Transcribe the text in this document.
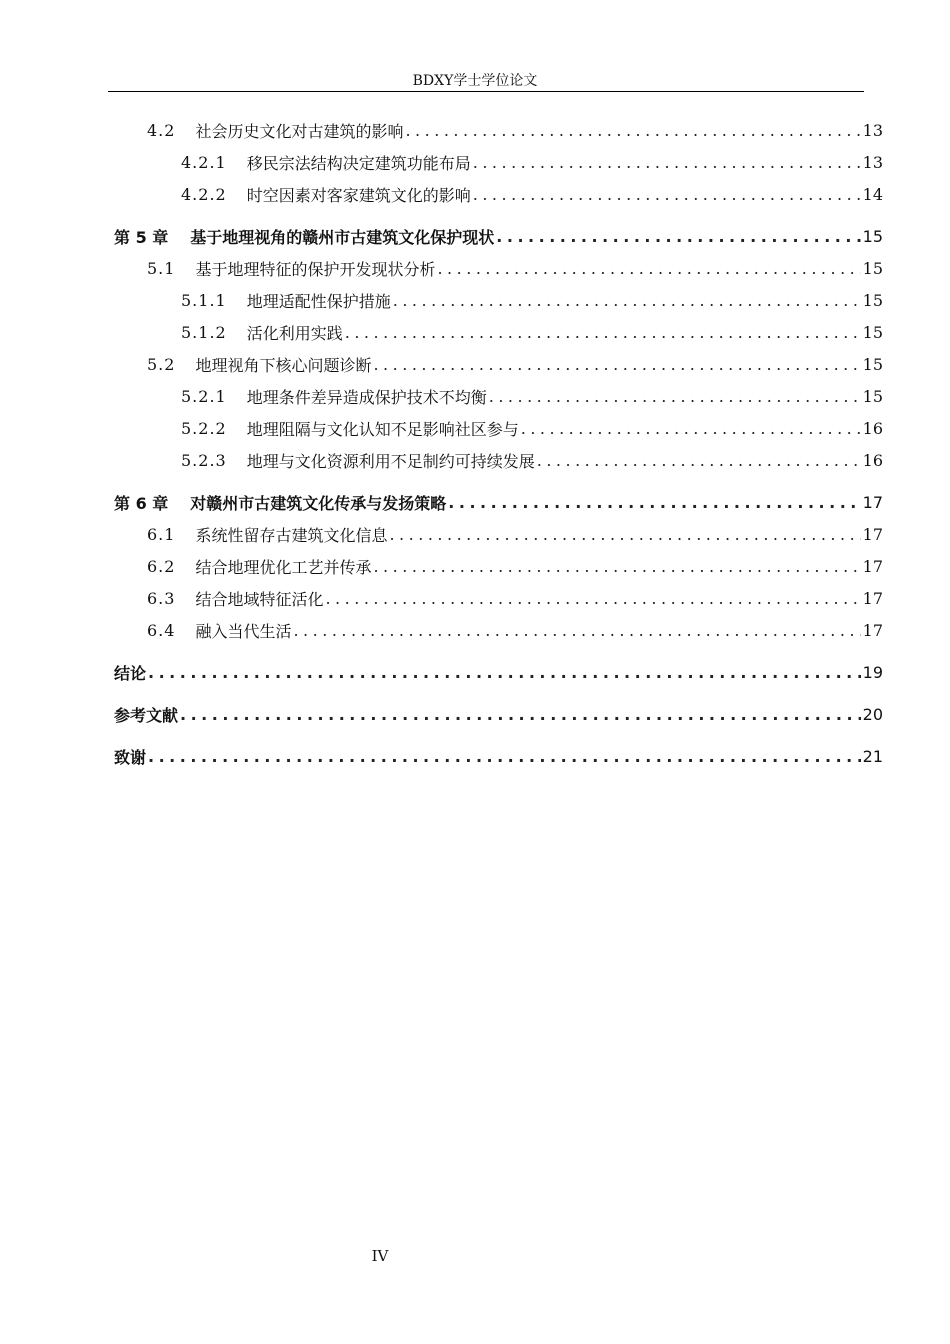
BDXY学士学位论文
4.2 社会历史文化对古建筑的影响 .....	13
4.2.1 移民宗法结构决定建筑功能布局 .....	13
4.2.2 时空因素对客家建筑文化的影响 .....	14
第 5 章 基于地理视角的赣州市古建筑文化保护现状 .....	15
5.1 基于地理特征的保护开发现状分析 .....	15
5.1.1 地理适配性保护措施 .....	15
5.1.2 活化利用实践 .....	15
5.2 地理视角下核心问题诊断 .....	15
5.2.1 地理条件差异造成保护技术不均衡 .....	15
5.2.2 地理阻隔与文化认知不足影响社区参与 .....	16
5.2.3 地理与文化资源利用不足制约可持续发展 .....	16
第 6 章 对赣州市古建筑文化传承与发扬策略 .....	17
6.1 系统性留存古建筑文化信息 .....	17
6.2 结合地理优化工艺并传承 .....	17
6.3 结合地域特征活化 .....	17
6.4 融入当代生活 .....	17
结论 .....	19
参考文献 .....	20
致谢 .....	21
IV
